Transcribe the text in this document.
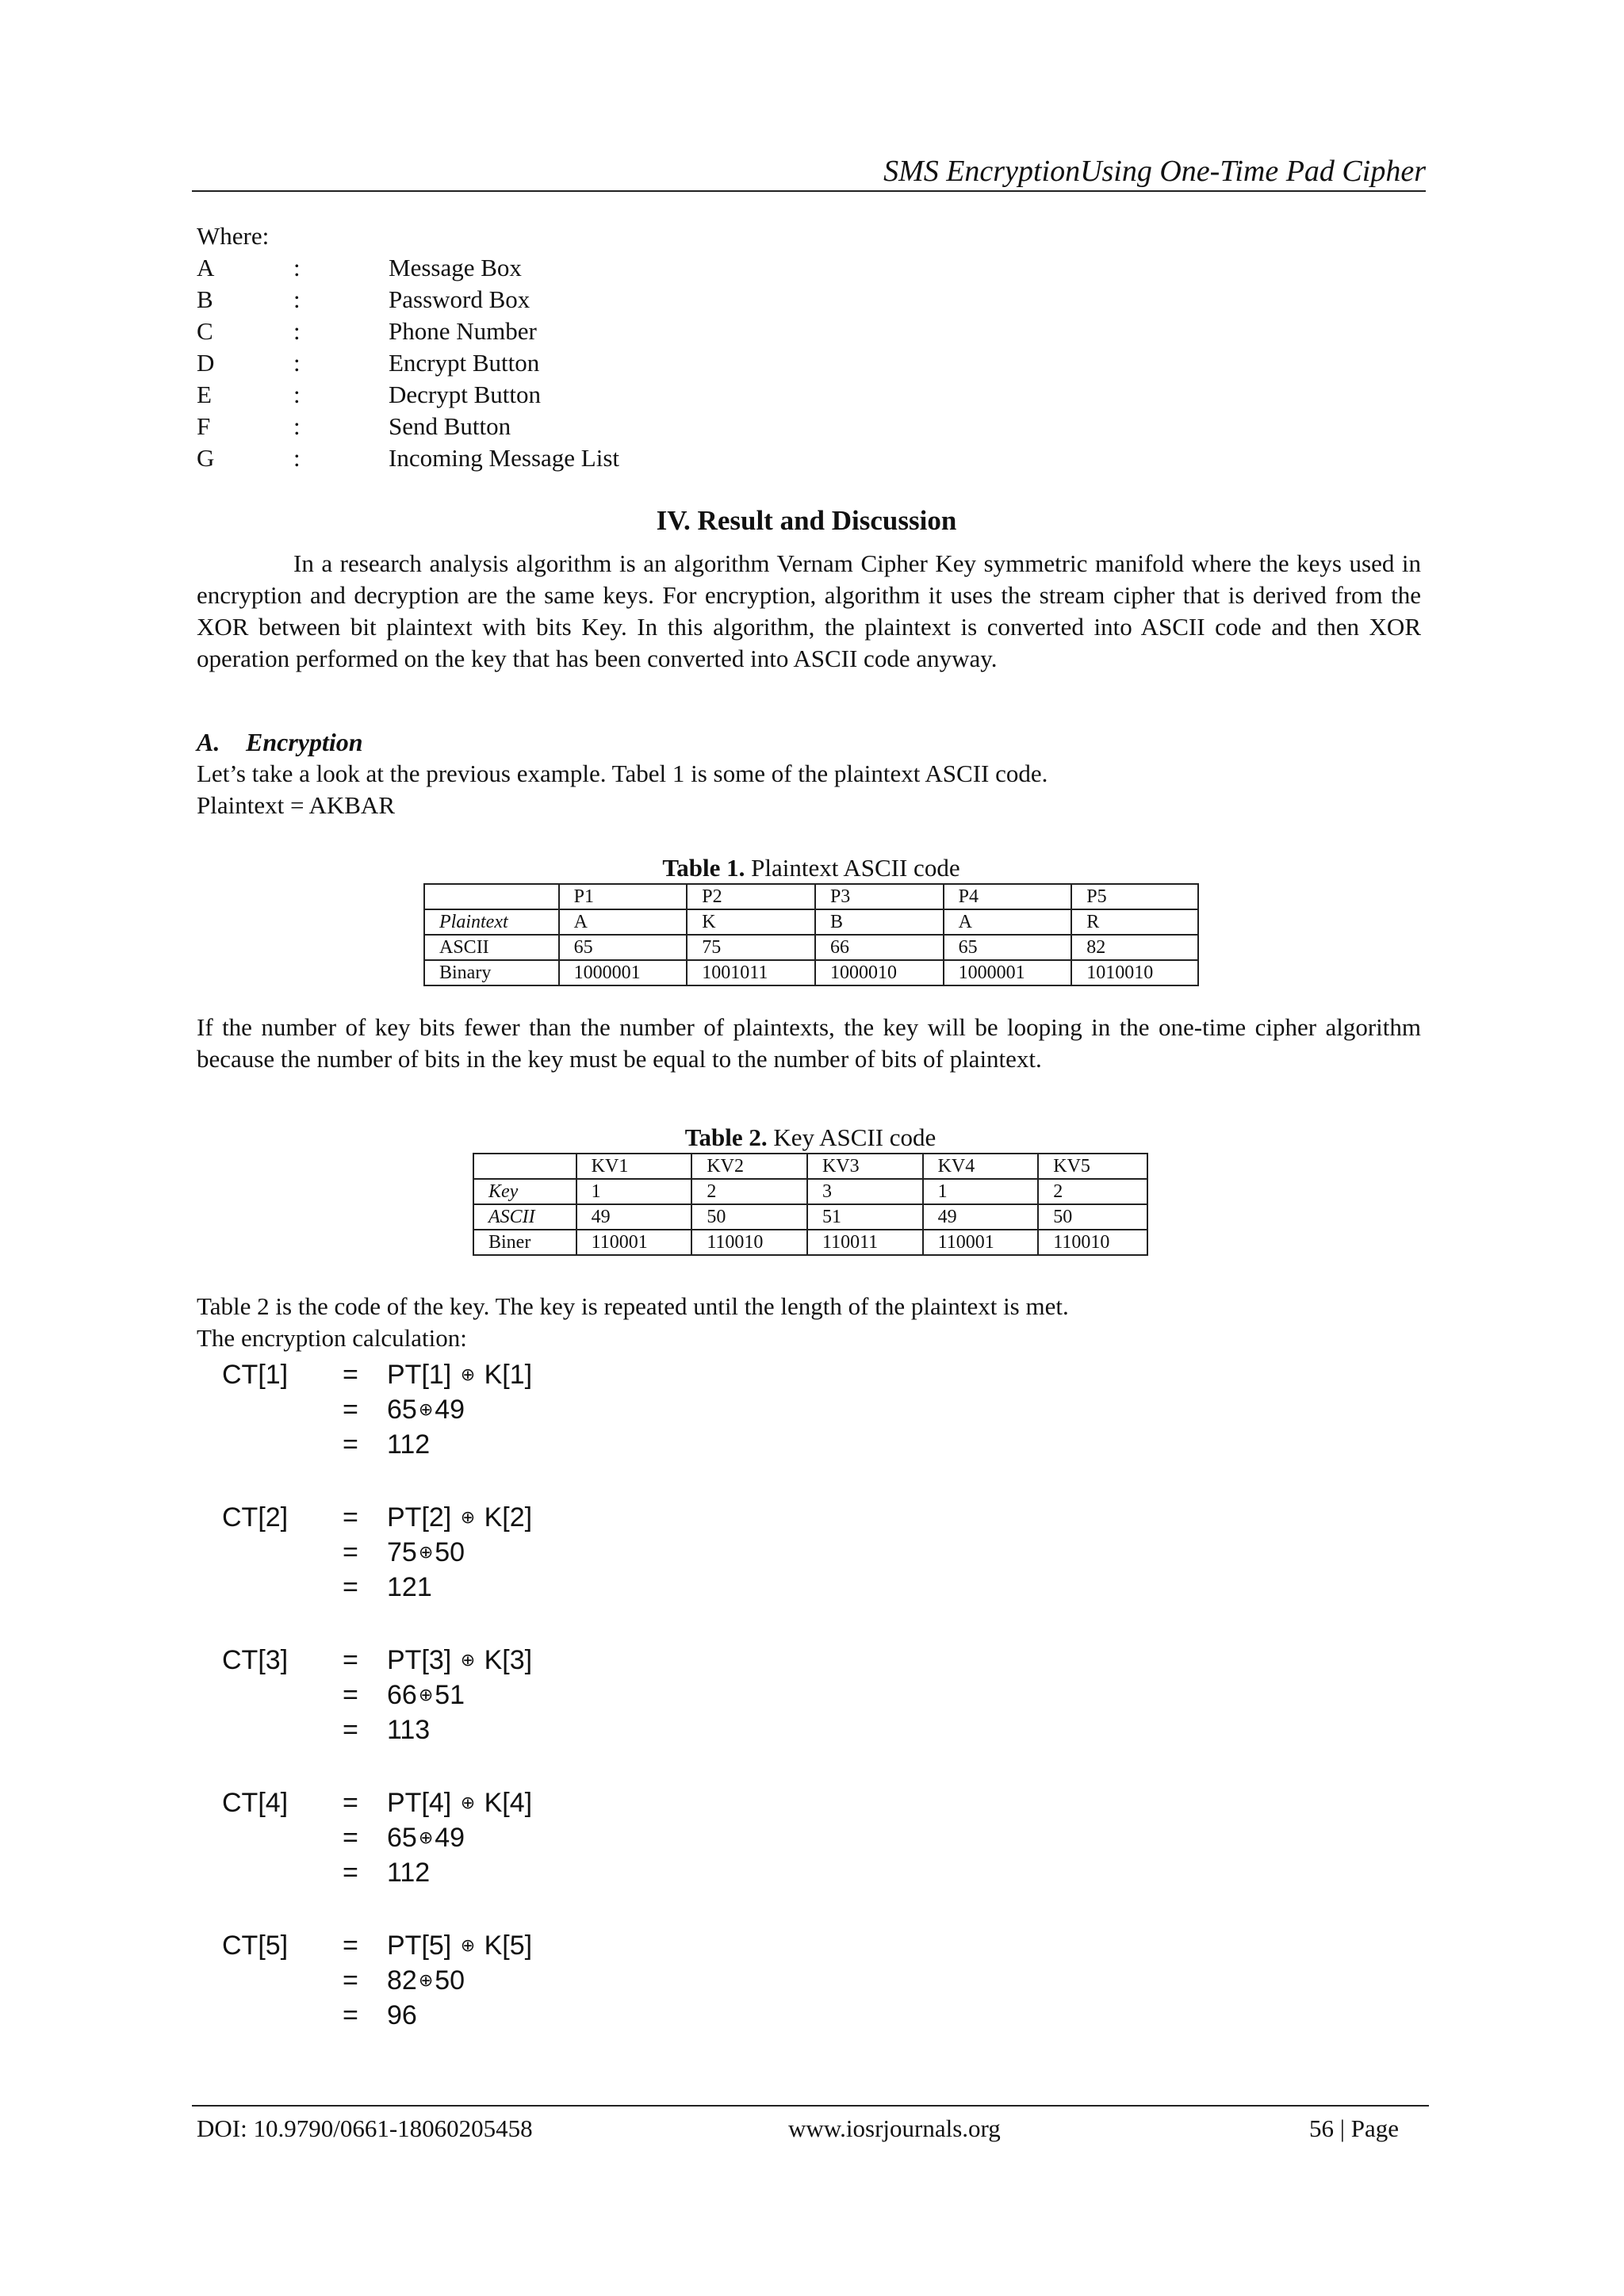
SMS EncryptionUsing One-Time Pad Cipher
Where:
A	:	Message Box
B	:	Password Box
C	:	Phone Number
D	:	Encrypt Button
E	:	Decrypt Button
F	:	Send Button
G	:	Incoming Message List
IV. Result and Discussion

In a research analysis algorithm is an algorithm Vernam Cipher Key symmetric manifold where the keys used in encryption and decryption are the same keys. For encryption, algorithm it uses the stream cipher that is derived from the XOR between bit plaintext with bits Key. In this algorithm, the plaintext is converted into ASCII code and then XOR operation performed on the key that has been converted into ASCII code anyway.

A. Encryption
Let’s take a look at the previous example. Tabel 1 is some of the plaintext ASCII code.
Plaintext = AKBAR
Table 1. Plaintext ASCII code
	P1	P2	P3	P4	P5
Plaintext	A	K	B	A	R
ASCII	65	75	66	65	82
Binary	1000001	1001011	1000010	1000001	1010010

If the number of key bits fewer than the number of plaintexts, the key will be looping in the one-time cipher algorithm because the number of bits in the key must be equal to the number of bits of plaintext.

Table 2. Key ASCII code
	KV1	KV2	KV3	KV4	KV5
Key	1	2	3	1	2
ASCII	49	50	51	49	50
Biner	110001	110010	110011	110001	110010
Table 2 is the code of the key. The key is repeated until the length of the plaintext is met.
The encryption calculation:
CT[1] = PT[1] ⊕ K[1]
= 65⊕49
= 112
CT[2] = PT[2] ⊕ K[2]
= 75⊕50
= 121
CT[3] = PT[3] ⊕ K[3]
= 66⊕51
= 113
CT[4] = PT[4] ⊕ K[4]
= 65⊕49
= 112
CT[5] = PT[5] ⊕ K[5]
= 82⊕50
= 96
DOI: 10.9790/0661-18060205458	www.iosrjournals.org	56 | Page
